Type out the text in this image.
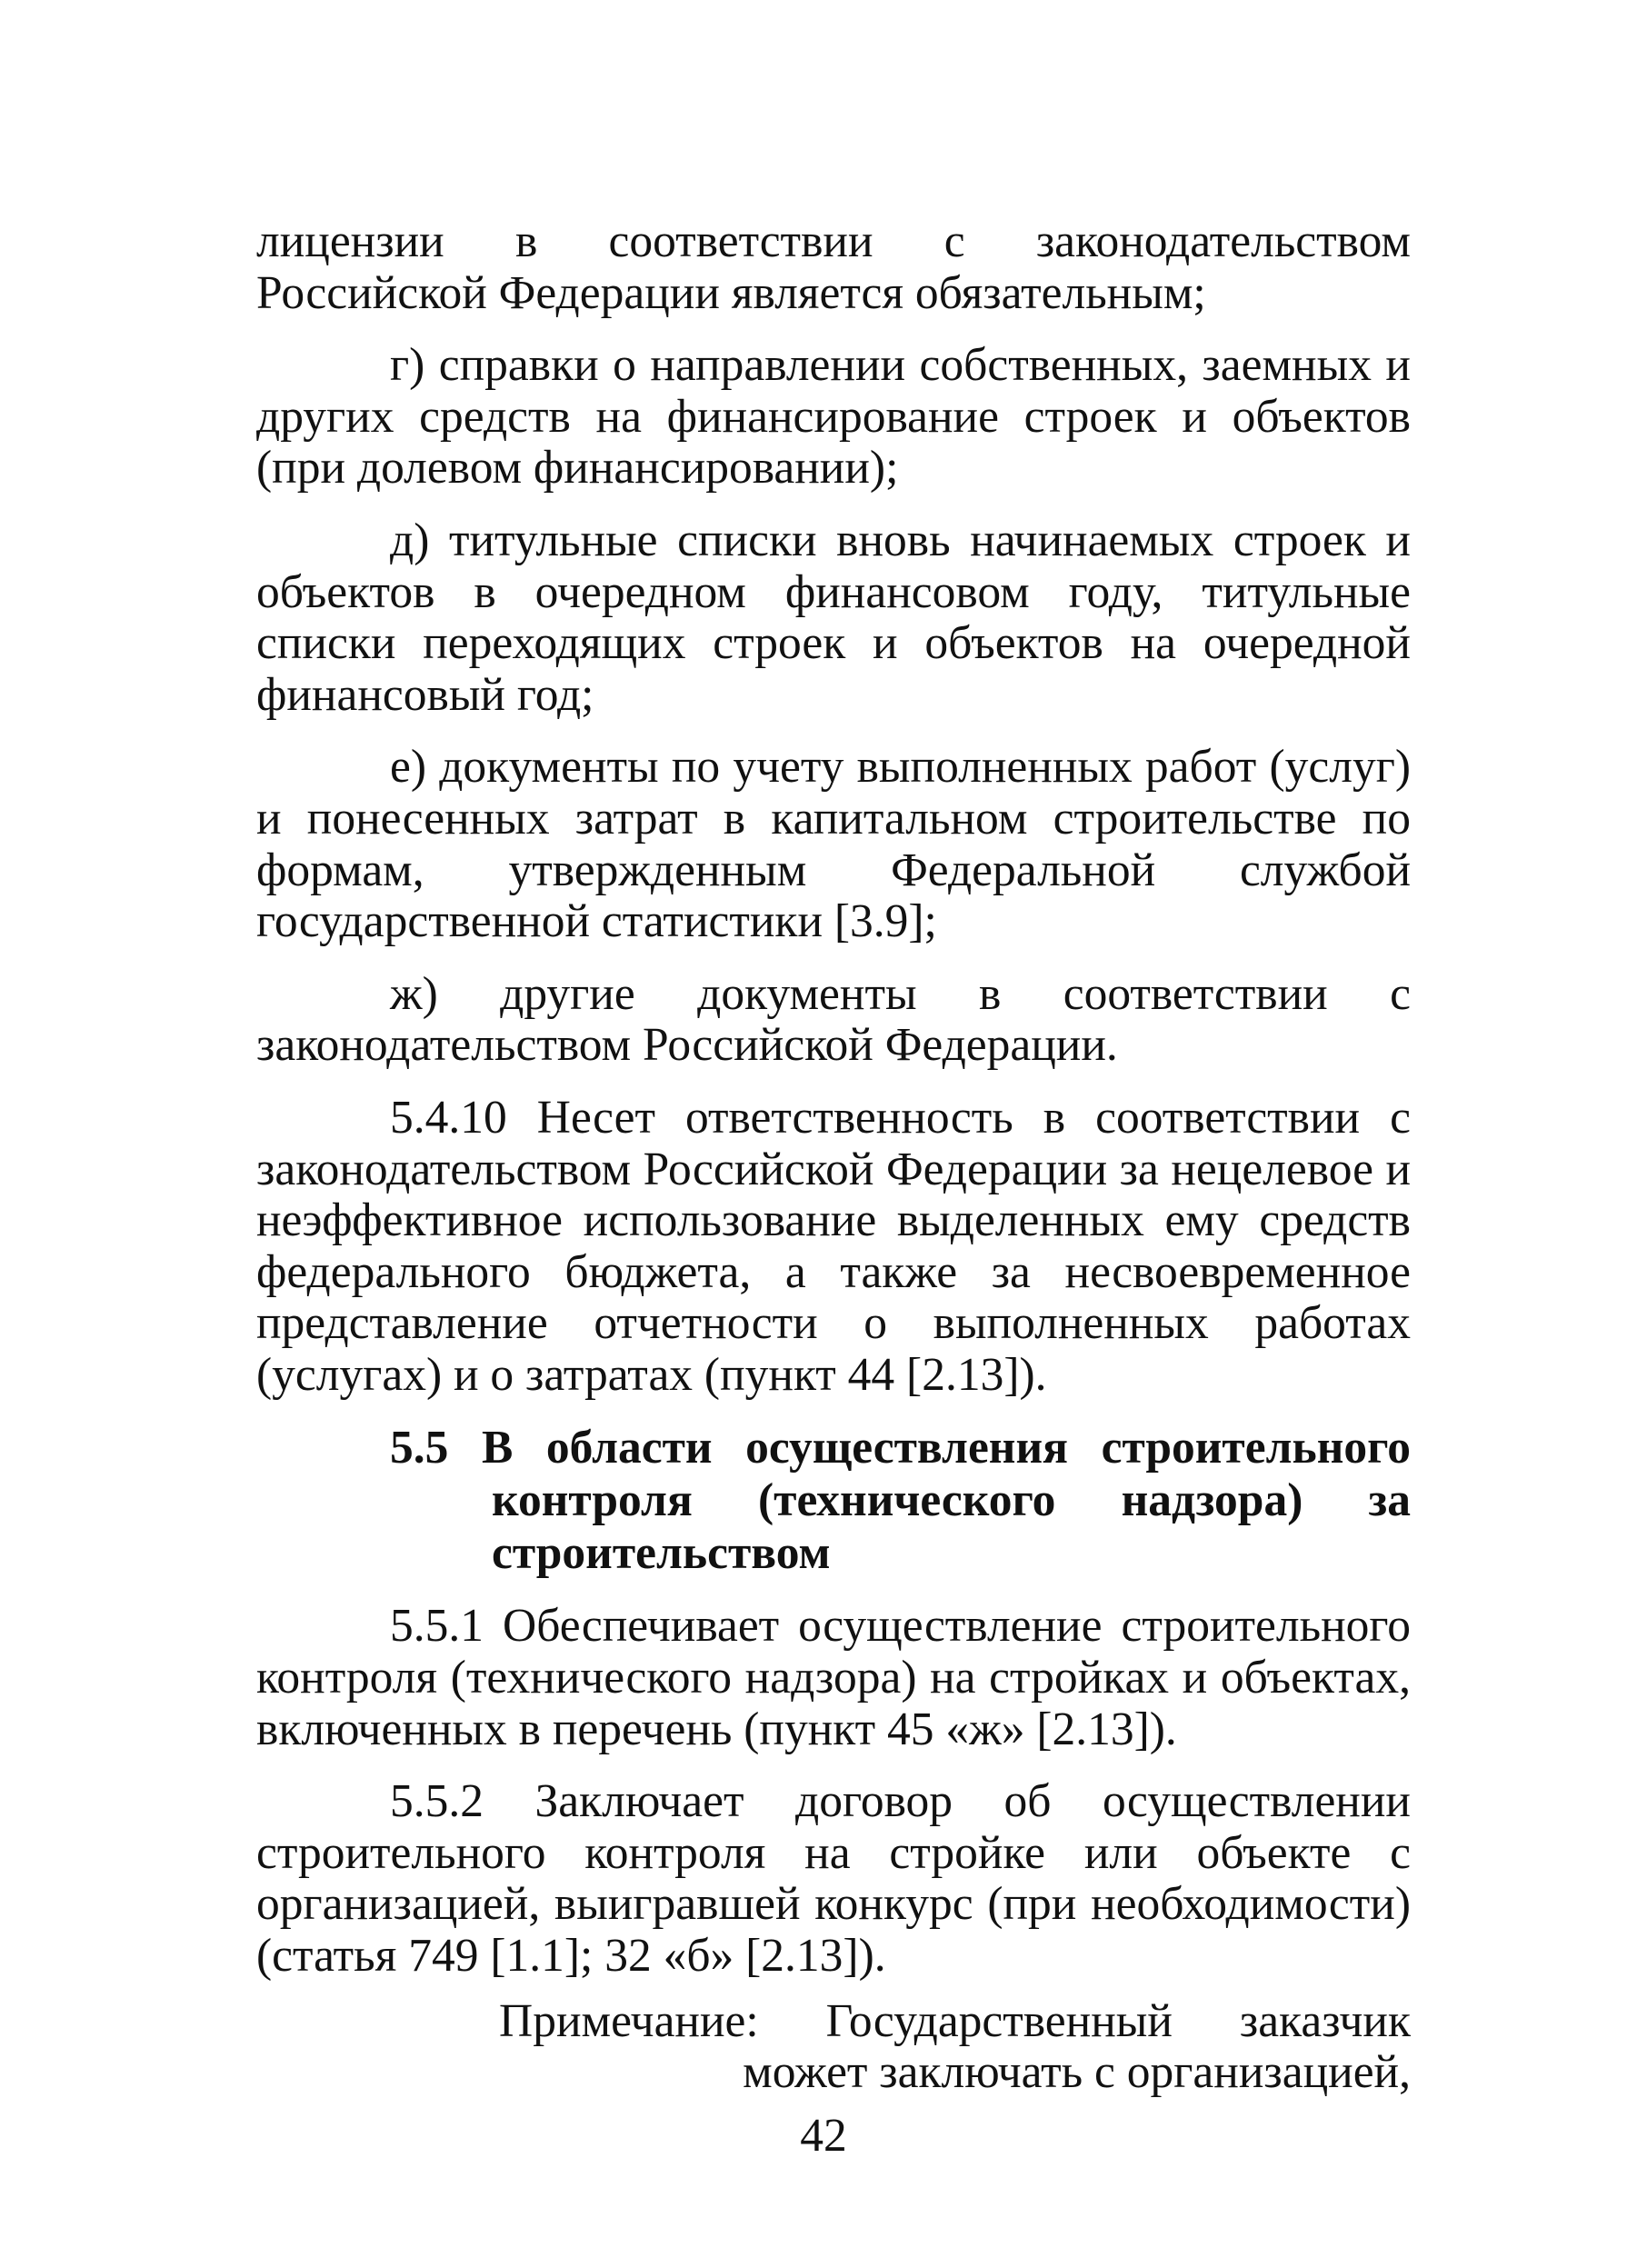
лицензии в соответствии с законодательством Российской Федерации является обязательным;

г) справки о направлении собственных, заемных и других средств на финансирование строек и объектов (при долевом финансировании);

д) титульные списки вновь начинаемых строек и объектов в очередном финансовом году, титульные списки переходящих строек и объектов на очередной финансовый год;

е) документы по учету выполненных работ (услуг) и понесенных затрат в капитальном строительстве по формам, утвержденным Федеральной службой государственной статистики [3.9];

ж) другие документы в соответствии с законодательством Российской Федерации.

5.4.10 Несет ответственность в соответствии с законодательством Российской Федерации за нецелевое и неэффективное использование выделенных ему средств федерального бюджета, а также за несвоевременное представление отчетности о выполненных работах (услугах) и о затратах (пункт 44 [2.13]).

5.5 В области осуществления строительного контроля (технического надзора) за строительством

5.5.1 Обеспечивает осуществление строительного контроля (технического надзора) на стройках и объектах, включенных в перечень (пункт 45 «ж» [2.13]).

5.5.2 Заключает договор об осуществлении строительного контроля на стройке или объекте с организацией, выигравшей конкурс (при необходимости) (статья 749 [1.1]; 32 «б» [2.13]).

Примечание: Государственный заказчик
может заключать с организацией,
42
